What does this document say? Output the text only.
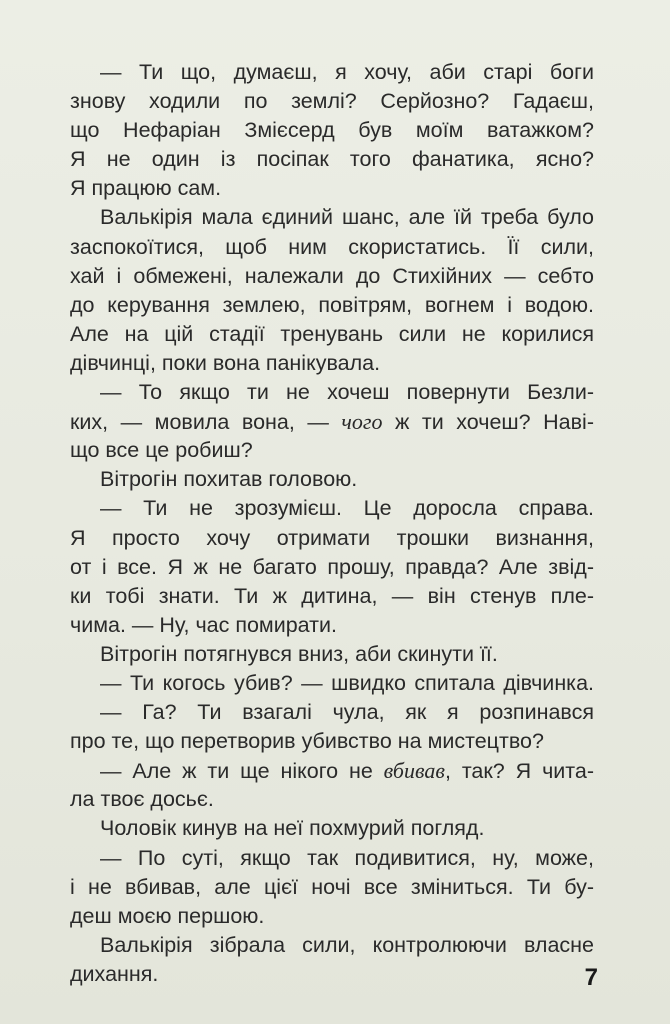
— Ти що, думаєш, я хочу, аби старі боги
знову ходили по землі? Серйозно? Гадаєш,
що Нефаріан Змієсерд був моїм ватажком?
Я не один із посіпак того фанатика, ясно?
Я працюю сам.
Валькірія мала єдиний шанс, але їй треба було
заспокоїтися, щоб ним скористатись. Її сили,
хай і обмежені, належали до Стихійних — себто
до керування землею, повітрям, вогнем і водою.
Але на цій стадії тренувань сили не корилися
дівчинці, поки вона панікувала.
— То якщо ти не хочеш повернути Безли-
ких, — мовила вона, — чого ж ти хочеш? Наві-
що все це робиш?
Вітрогін похитав головою.
— Ти не зрозумієш. Це доросла справа.
Я просто хочу отримати трошки визнання,
от і все. Я ж не багато прошу, правда? Але звід-
ки тобі знати. Ти ж дитина, — він стенув пле-
чима. — Ну, час помирати.
Вітрогін потягнувся вниз, аби скинути її.
— Ти когось убив? — швидко спитала дівчинка.
— Га? Ти взагалі чула, як я розпинався
про те, що перетворив убивство на мистецтво?
— Але ж ти ще нікого не вбивав, так? Я чита-
ла твоє досьє.
Чоловік кинув на неї похмурий погляд.
— По суті, якщо так подивитися, ну, може,
і не вбивав, але цієї ночі все зміниться. Ти бу-
деш моєю першою.
Валькірія зібрала сили, контролюючи власне
дихання.	7
